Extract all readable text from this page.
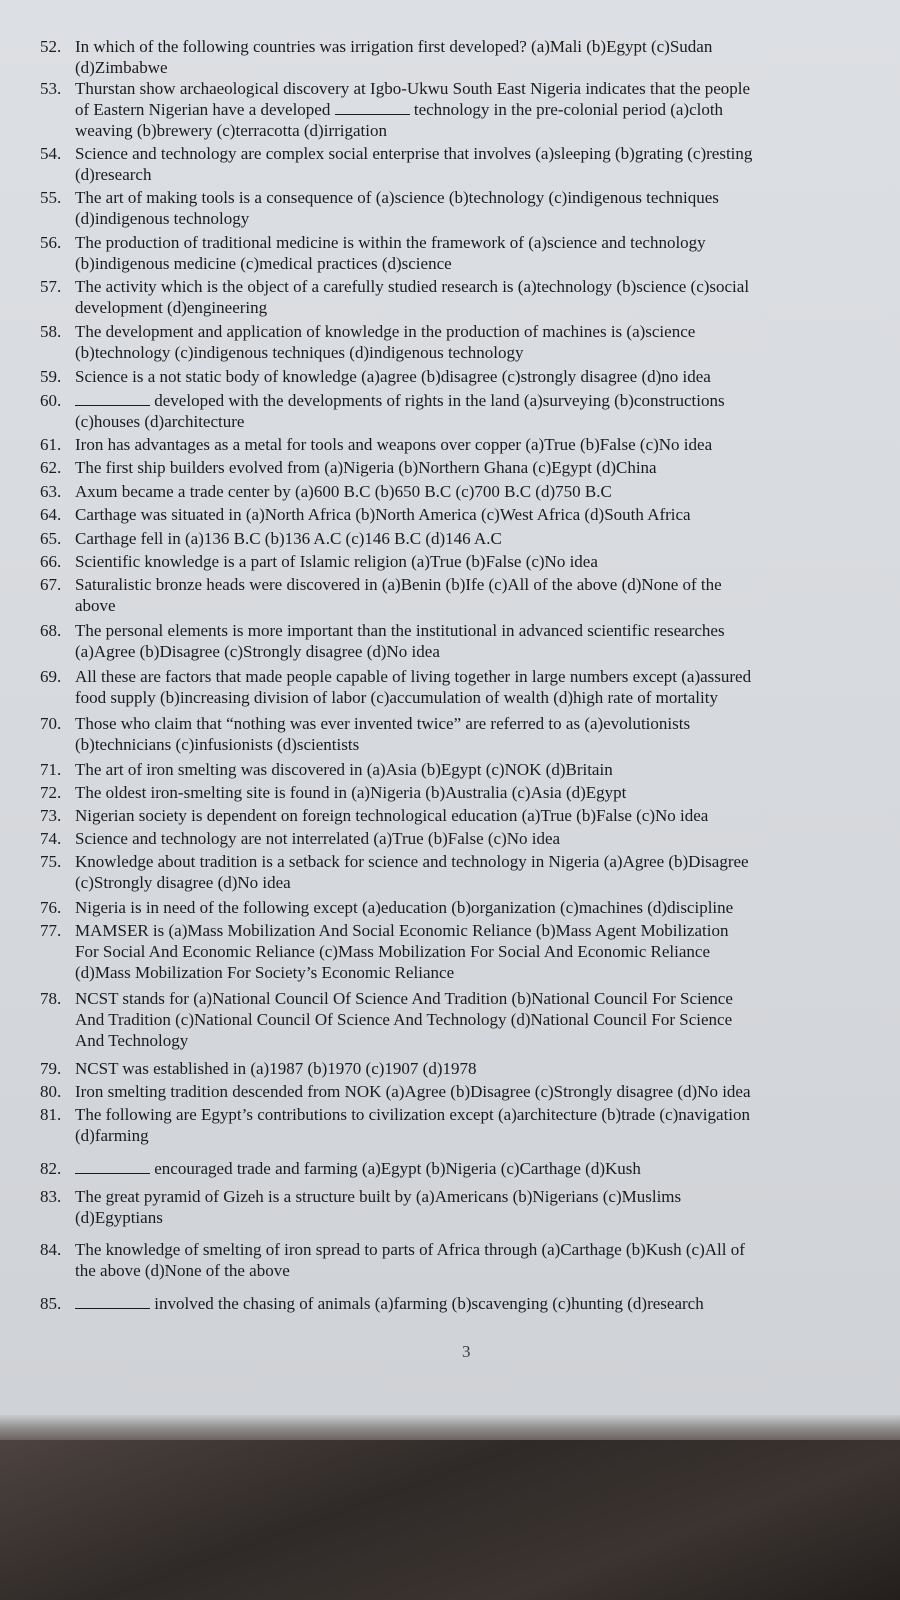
52. In which of the following countries was irrigation first developed? (a)Mali (b)Egypt (c)Sudan
(d)Zimbabwe
53. Thurstan show archaeological discovery at Igbo-Ukwu South East Nigeria indicates that the people
of Eastern Nigerian have a developed	technology in the pre-colonial period (a)cloth
weaving (b)brewery (c)terracotta (d)irrigation
54. Science and technology are complex social enterprise that involves (a)sleeping (b)grating (c)resting
(d)research
55. The art of making tools is a consequence of (a)science (b)technology (c)indigenous techniques
(d)indigenous technology
56. The production of traditional medicine is within the framework of (a)science and technology
(b)indigenous medicine (c)medical practices (d)science
57. The activity which is the object of a carefully studied research is (a)technology (b)science (c)social
development (d)engineering
58. The development and application of knowledge in the production of machines is (a)science
(b)technology (c)indigenous techniques (d)indigenous technology
59. Science is a not static body of knowledge (a)agree (b)disagree (c)strongly disagree (d)no idea
60.	developed with the developments of rights in the land (a)surveying (b)constructions
(c)houses (d)architecture
61. Iron has advantages as a metal for tools and weapons over copper (a)True (b)False (c)No idea
62. The first ship builders evolved from (a)Nigeria (b)Northern Ghana (c)Egypt (d)China
63. Axum became a trade center by (a)600 B.C (b)650 B.C (c)700 B.C (d)750 B.C
64. Carthage was situated in (a)North Africa (b)North America (c)West Africa (d)South Africa
65. Carthage fell in (a)136 B.C (b)136 A.C (c)146 B.C (d)146 A.C
66. Scientific knowledge is a part of Islamic religion (a)True (b)False (c)No idea
67. Saturalistic bronze heads were discovered in (a)Benin (b)Ife (c)All of the above (d)None of the
above
68. The personal elements is more important than the institutional in advanced scientific researches
(a)Agree (b)Disagree (c)Strongly disagree (d)No idea
69. All these are factors that made people capable of living together in large numbers except (a)assured
food supply (b)increasing division of labor (c)accumulation of wealth (d)high rate of mortality
70. Those who claim that “nothing was ever invented twice” are referred to as (a)evolutionists
(b)technicians (c)infusionists (d)scientists
71. The art of iron smelting was discovered in (a)Asia (b)Egypt (c)NOK (d)Britain
72. The oldest iron-smelting site is found in (a)Nigeria (b)Australia (c)Asia (d)Egypt
73. Nigerian society is dependent on foreign technological education (a)True (b)False (c)No idea
74. Science and technology are not interrelated (a)True (b)False (c)No idea
75. Knowledge about tradition is a setback for science and technology in Nigeria (a)Agree (b)Disagree
(c)Strongly disagree (d)No idea
76. Nigeria is in need of the following except (a)education (b)organization (c)machines (d)discipline
77. MAMSER is (a)Mass Mobilization And Social Economic Reliance (b)Mass Agent Mobilization
For Social And Economic Reliance (c)Mass Mobilization For Social And Economic Reliance
(d)Mass Mobilization For Society’s Economic Reliance
78. NCST stands for (a)National Council Of Science And Tradition (b)National Council For Science
And Tradition (c)National Council Of Science And Technology (d)National Council For Science
And Technology
79. NCST was established in (a)1987 (b)1970 (c)1907 (d)1978
80. Iron smelting tradition descended from NOK (a)Agree (b)Disagree (c)Strongly disagree (d)No idea
81. The following are Egypt’s contributions to civilization except (a)architecture (b)trade (c)navigation
(d)farming
82.	encouraged trade and farming (a)Egypt (b)Nigeria (c)Carthage (d)Kush
83. The great pyramid of Gizeh is a structure built by (a)Americans (b)Nigerians (c)Muslims
(d)Egyptians
84. The knowledge of smelting of iron spread to parts of Africa through (a)Carthage (b)Kush (c)All of
the above (d)None of the above
85.	involved the chasing of animals (a)farming (b)scavenging (c)hunting (d)research
3
